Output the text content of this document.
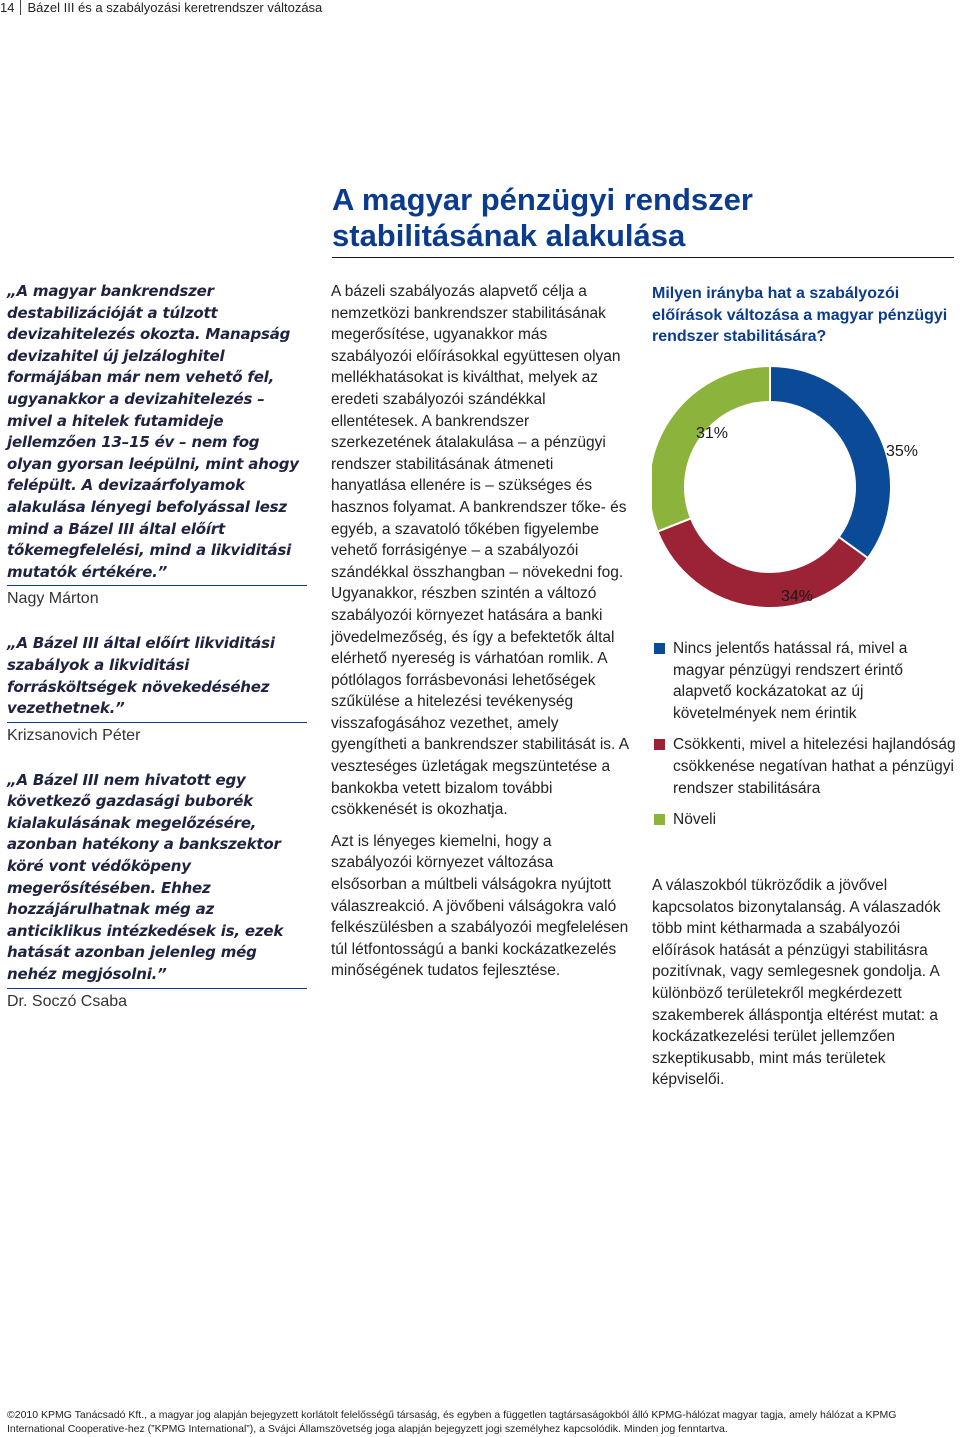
14 Bázel III és a szabályozási keretrendszer változása
A magyar pénzügyi rendszer stabilitásának alakulása
„A magyar bankrendszer destabilizációját a túlzott devizahitelezés okozta. Manapság devizahitel új jelzáloghitel formájában már nem vehető fel, ugyanakkor a devizahitelezés – mivel a hitelek futamideje jellemzően 13–15 év – nem fog olyan gyorsan leépülni, mint ahogy felépült. A devizaárfolyamok alakulása lényegi befolyással lesz mind a Bázel III által előírt tőkemegfelelési, mind a likviditási mutatók értékére.”
Nagy Márton
„A Bázel III által előírt likviditási szabályok a likviditási forrásköltségek növekedéséhez vezethetnek.”
Krizsanovich Péter
„A Bázel III nem hivatott egy következő gazdasági buborék kialakulásának megelőzésére, azonban hatékony a bankszektor köré vont védőköpeny megerősítésében. Ehhez hozzájárulhatnak még az anticiklikus intézkedések is, ezek hatását azonban jelenleg még nehéz megjósolni.”
Dr. Soczó Csaba

A bázeli szabályozás alapvető célja a nemzetközi bankrendszer stabilitásának megerősítése, ugyanakkor más szabályozói előírásokkal együttesen olyan mellékhatásokat is kiválthat, melyek az eredeti szabályozói szándékkal ellentétesek. A bankrendszer szerkezetének átalakulása – a pénzügyi rendszer stabilitásának átmeneti hanyatlása ellenére is – szükséges és hasznos folyamat. A bankrendszer tőke- és egyéb, a szavatoló tőkében figyelembe vehető forrásigénye – a szabályozói szándékkal összhangban – növekedni fog. Ugyanakkor, részben szintén a változó szabályozói környezet hatására a banki jövedelmezőség, és így a befektetők által elérhető nyereség is várhatóan romlik. A pótlólagos forrásbevonási lehetőségek szűkülése a hitelezési tevékenység visszafogásához vezethet, amely gyengítheti a bankrendszer stabilitását is. A veszteséges üzletágak megszüntetése a bankokba vetett bizalom további csökkenését is okozhatja.

Azt is lényeges kiemelni, hogy a szabályozói környezet változása elsősorban a múltbeli válságokra nyújtott válaszreakció. A jövőbeni válságokra való felkészülésben a szabályozói megfelelésen túl létfontosságú a banki kockázatkezelés minőségének tudatos fejlesztése.

Milyen irányba hat a szabályozói előírások változása a magyar pénzügyi rendszer stabilitására?
35%
34%
31%
Nincs jelentős hatással rá, mivel a magyar pénzügyi rendszert érintő alapvető kockázatokat az új követelmények nem érintik
Csökkenti, mivel a hitelezési hajlandóság csökkenése negatívan hathat a pénzügyi rendszer stabilitására
Növeli

A válaszokból tükröződik a jövővel kapcsolatos bizonytalanság. A válaszadók több mint kétharmada a szabályozói előírások hatását a pénzügyi stabilitásra pozitívnak, vagy semlegesnek gondolja. A különböző területekről megkérdezett szakemberek álláspontja eltérést mutat: a kockázatkezelési terület jellemzően szkeptikusabb, mint más területek képviselői.

©2010 KPMG Tanácsadó Kft., a magyar jog alapján bejegyzett korlátolt felelősségű társaság, és egyben a független tagtársaságokból álló KPMG-hálózat magyar tagja, amely hálózat a KPMG International Cooperative-hez (”KPMG International”), a Svájci Államszövetség joga alapján bejegyzett jogi személyhez kapcsolódik. Minden jog fenntartva.
